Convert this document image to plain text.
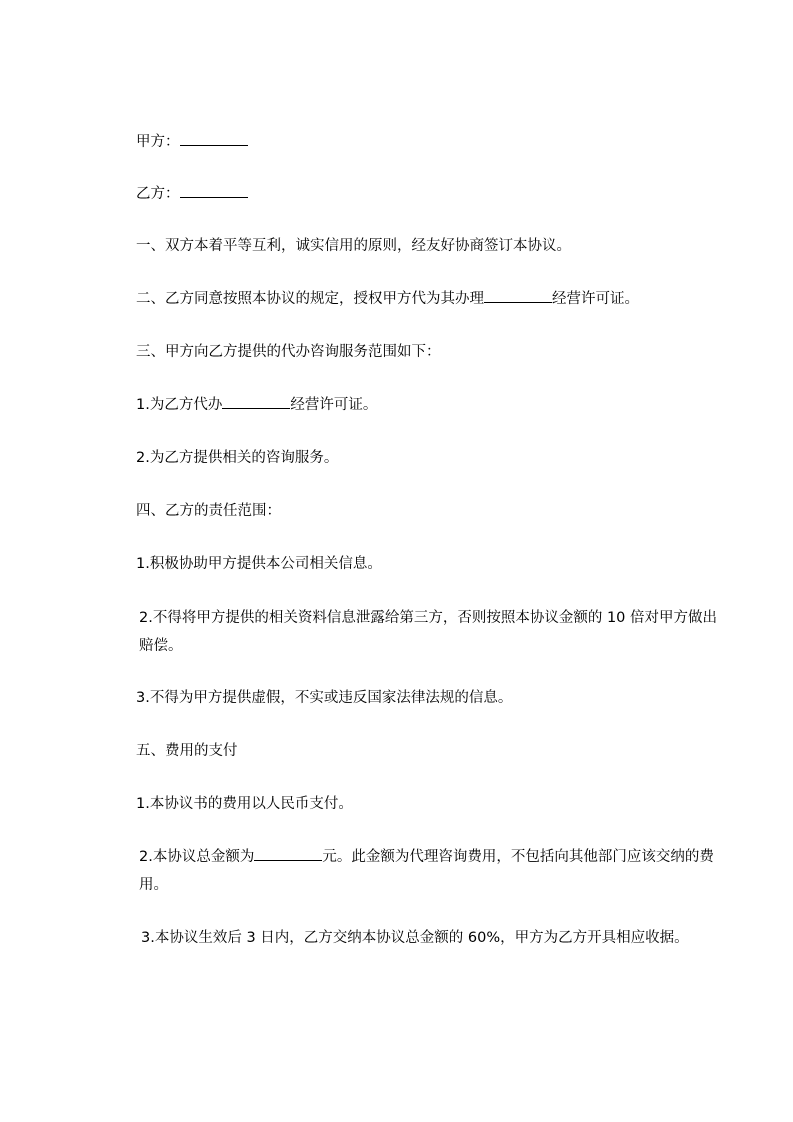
甲方：

乙方：

一、双方本着平等互利，诚实信用的原则，经友好协商签订本协议。

二、乙方同意按照本协议的规定，授权甲方代为其办理	经营许可证。

三、甲方向乙方提供的代办咨询服务范围如下：

1.为乙方代办	经营许可证。

2.为乙方提供相关的咨询服务。

四、乙方的责任范围：

1.积极协助甲方提供本公司相关信息。

2.不得将甲方提供的相关资料信息泄露给第三方，否则按照本协议金额的 10 倍对甲方做出赔偿。

3.不得为甲方提供虚假，不实或违反国家法律法规的信息。

五、费用的支付

1.本协议书的费用以人民币支付。

2.本协议总金额为	元。此金额为代理咨询费用，不包括向其他部门应该交纳的费用。

3.本协议生效后 3 日内，乙方交纳本协议总金额的 60%，甲方为乙方开具相应收据。
